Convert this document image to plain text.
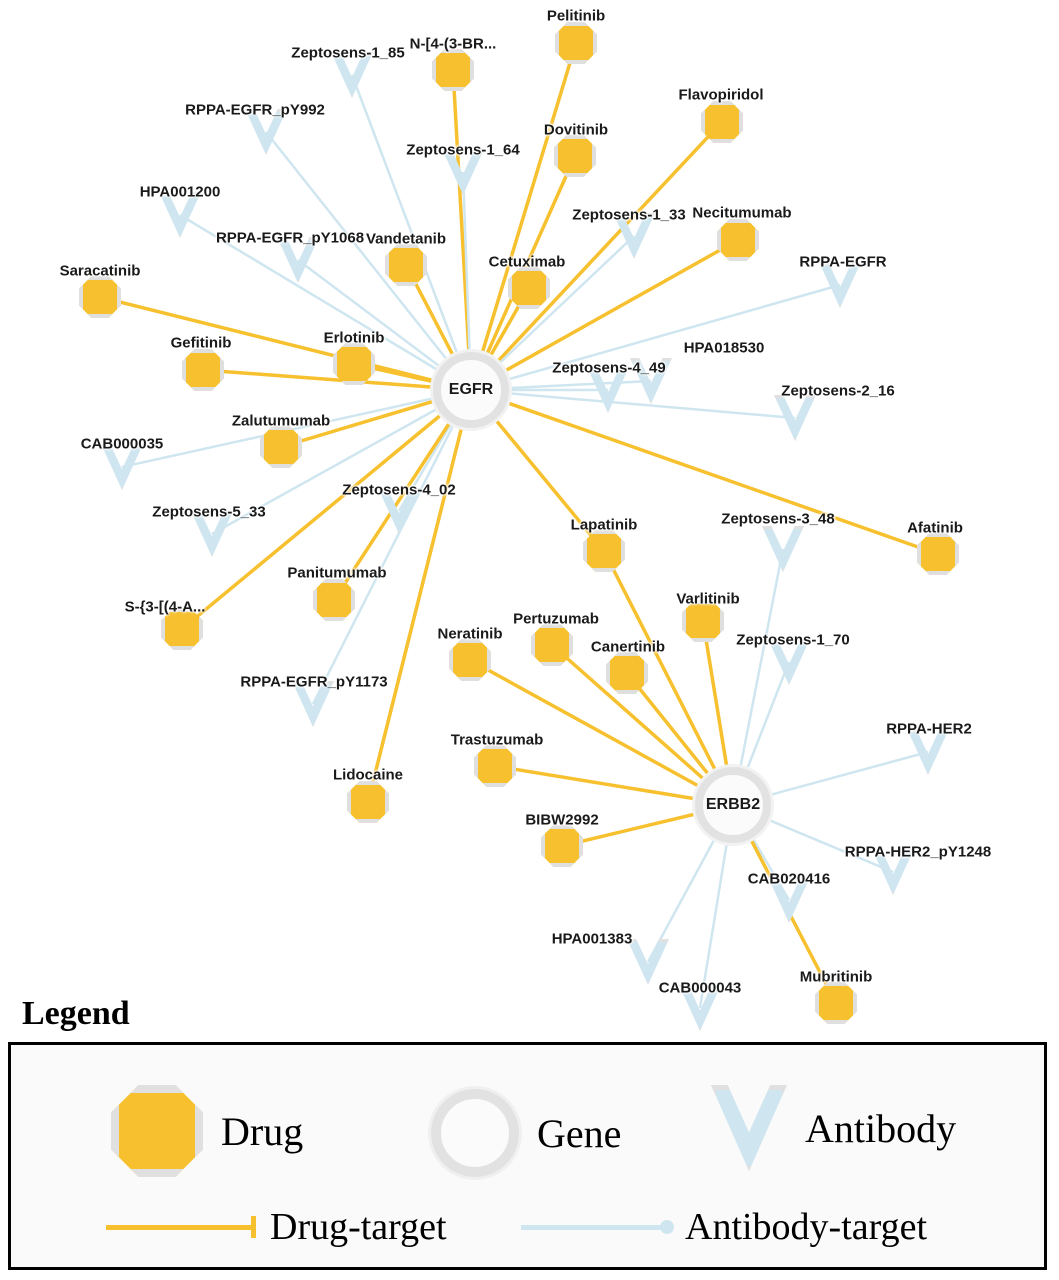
Pelitinib
N-[4-(3-BR...
Zeptosens-1_85
RPPA-EGFR_pY992
Flavopiridol
Dovitinib
Zeptosens-1_64
HPA001200
Necitumumab
Zeptosens-1_33
RPPA-EGFR_pY1068 Vandetanib
Cetuximab	RPPA-EGFR
Saracatinib
Gefitinib	Erlotinib
HPA018530
Zeptosens-4_49
Zeptosens-2_16
Zalutumumab
CAB000035
Zeptosens-4_02
Zeptosens-5_33
Lapatinib	Zeptosens-3_48
Afatinib
Panitumumab
Varlitinib
Pertuzumab
S-{3-[(4-A...
Neratinib
Canertinib	Zeptosens-1_70
RPPA-EGFR_pY1173
RPPA-HER2
Trastuzumab
Lidocaine
BIBW2992
RPPA-HER2_pY1248
CAB020416
HPA001383
CAB000043
Mubritinib
EGFR
ERBB2
Legend
Drug	Gene	Antibody
Drug-target	Antibody-target
